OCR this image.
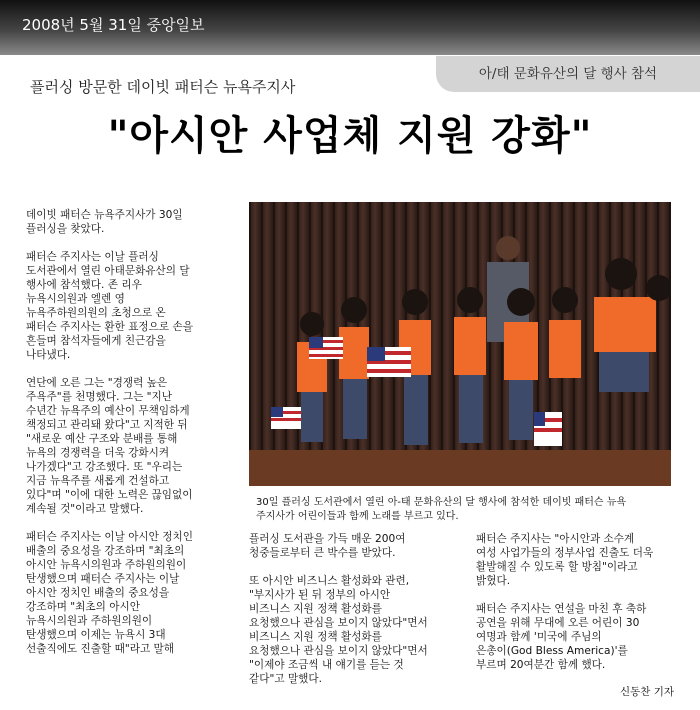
2008년 5월 31일 중앙일보
아/태 문화유산의 달 행사 참석
플러싱 방문한 데이빗 패터슨 뉴욕주지사
"아시안 사업체 지원 강화"

데이빗 패터슨 뉴욕주지사가 30일
플러싱을 찾았다.

패터슨 주지사는 이날 플러싱
도서관에서 열린 아태문화유산의 달
행사에 참석했다. 존 리우
뉴욕시의원과 엘렌 영
뉴욕주하원의원의 초청으로 온
패터슨 주지사는 환한 표정으로 손을
흔들며 참석자들에게 친근감을
나타냈다.

연단에 오른 그는 "경쟁력 높은
주욕주"를 천명했다. 그는 "지난
수년간 뉴욕주의 예산이 무책임하게
책정되고 관리돼 왔다"고 지적한 뒤
"새로운 예산 구조와 분배를 통해
뉴욕의 경쟁력을 더욱 강화시켜
나가겠다"고 강조했다. 또 "우리는
지금 뉴욕주를 새롭게 건설하고
있다"며 "이에 대한 노력은 끊임없이
계속될 것"이라고 말했다.

패터슨 주지사는 이날 아시안 정치인
배출의 중요성을 강조하며 "최초의
아시안 뉴욕시의원과 주하원의원이
탄생했으며 패터슨 주지사는 이날
아시안 정치인 배출의 중요성을
강조하며 "최초의 아시안
뉴욕시의원과 주하원의원이
탄생했으며 이제는 뉴욕시 3대
선출직에도 진출할 때"라고 말해

30일 플러싱 도서관에서 열린 아-태 문화유산의 달 행사에 참석한 데이빗 패터슨 뉴욕
주지사가 어린이들과 함께 노래를 부르고 있다.

플러싱 도서관을 가득 매운 200여
청중들로부터 큰 박수를 받았다.

또 아시안 비즈니스 활성화와 관련,
"부지사가 된 뒤 정부의 아시안
비즈니스 지원 정책 활성화를
요청했으나 관심을 보이지 않았다"면서
비즈니스 지원 정책 활성화를
요청했으나 관심을 보이지 않았다"면서
"이제야 조금씩 내 얘기를 듣는 것
같다"고 말했다.

패터슨 주지사는 "아시안과 소수계
여성 사업가들의 정부사업 진출도 더욱
활발해질 수 있도록 할 방침"이라고
밝혔다.

패터슨 주지사는 연설을 마친 후 축하
공연을 위해 무대에 오른 어린이 30
여명과 함께 '미국에 주님의
은총이(God Bless America)'를
부르며 20여분간 함께 했다.

신동찬 기자
